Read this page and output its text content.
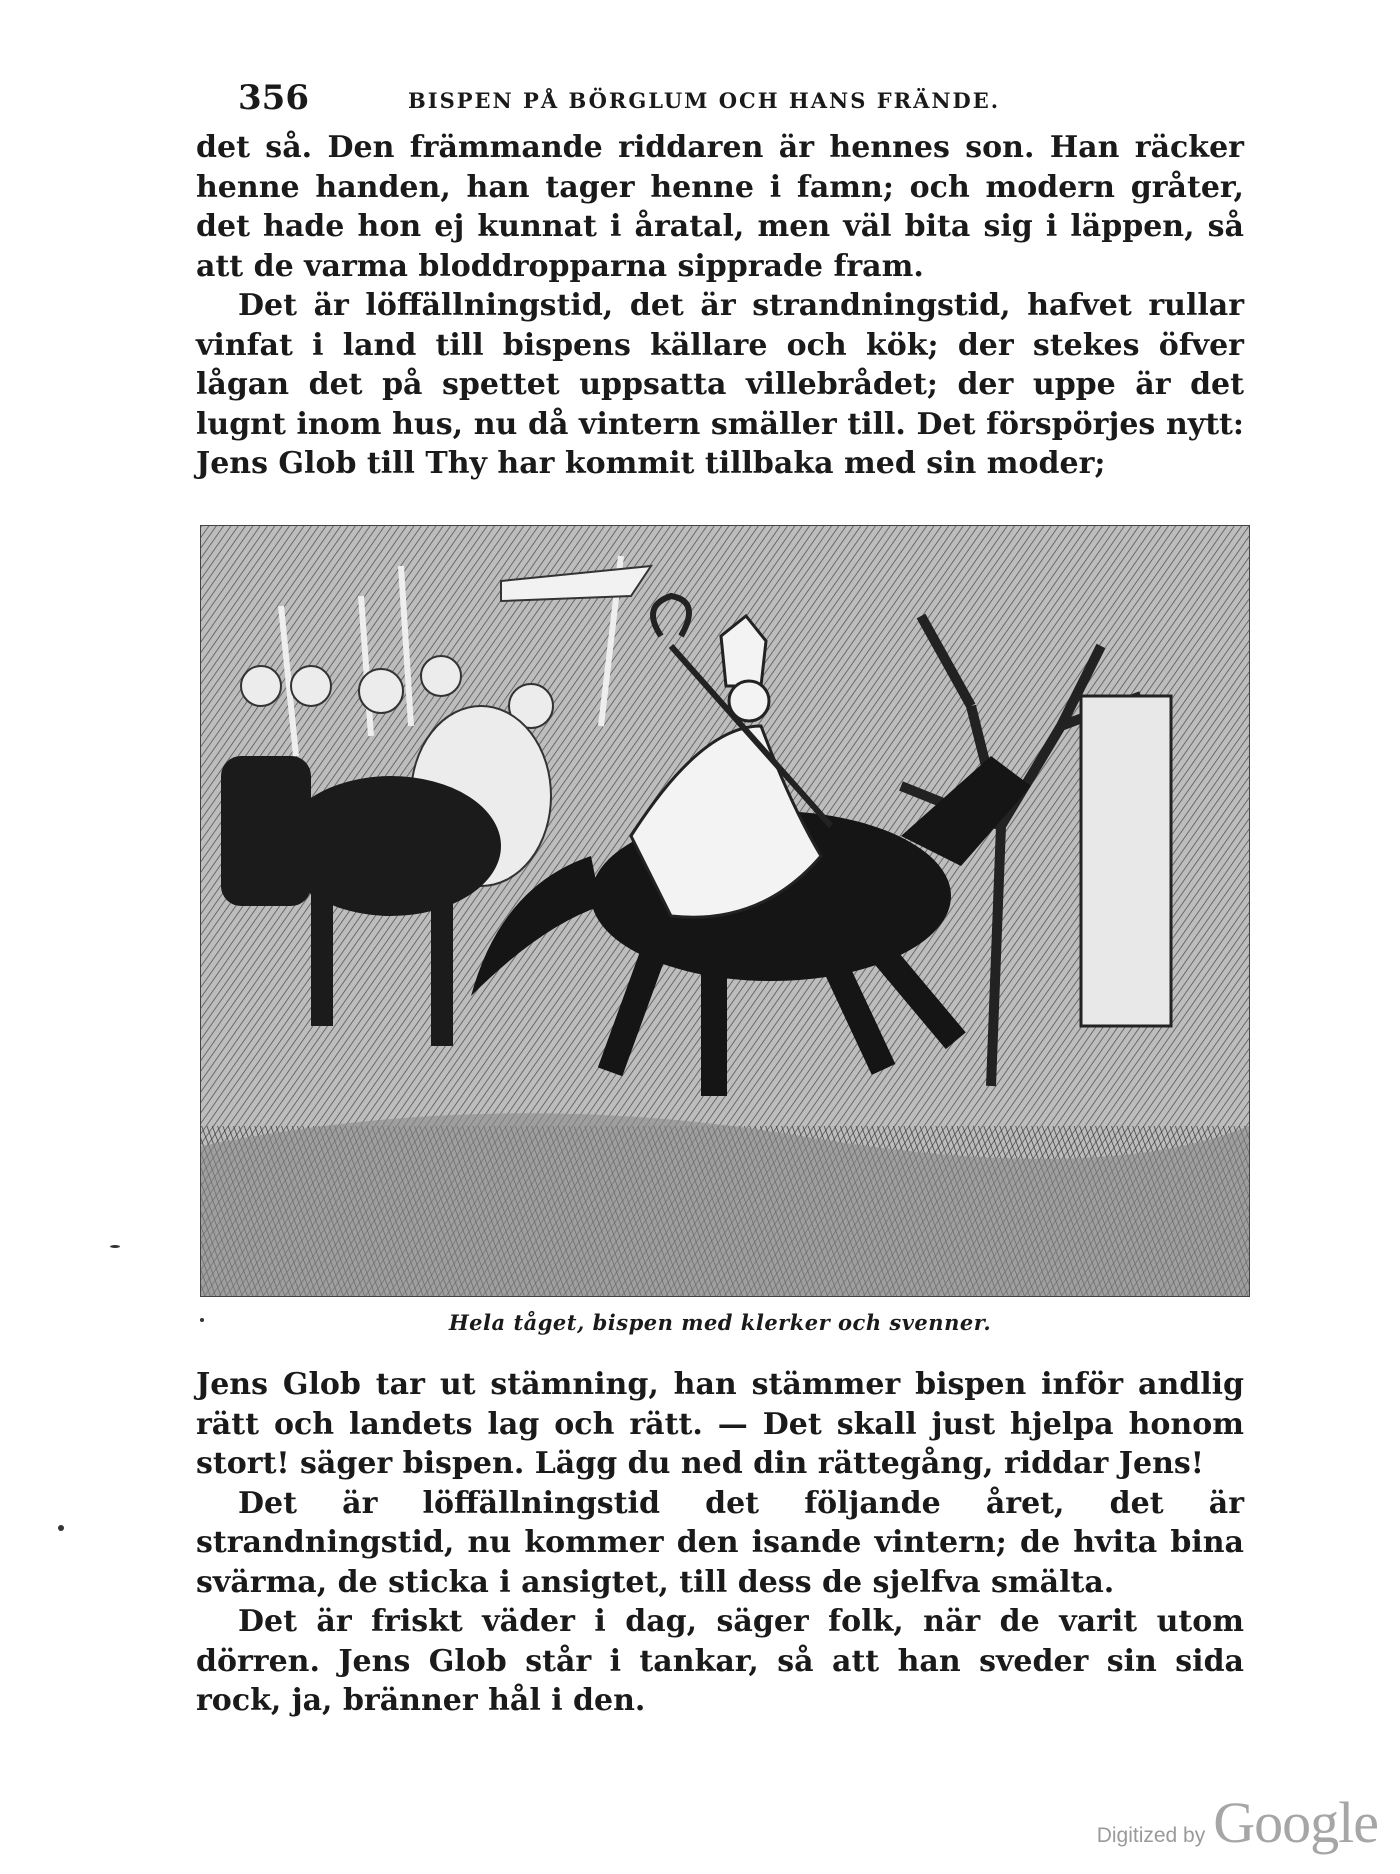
356	BISPEN PÅ BÖRGLUM OCH HANS FRÄNDE.

det så. Den främmande riddaren är hennes son. Han räcker henne handen, han tager henne i famn; och modern gråter, det hade hon ej kunnat i åratal, men väl bita sig i läppen, så att de varma bloddropparna sipprade fram.

Det är löffällningstid, det är strandningstid, hafvet rullar vinfat i land till bispens källare och kök; der stekes öfver lågan det på spettet uppsatta villebrådet; der uppe är det lugnt inom hus, nu då vintern smäller till. Det förspörjes nytt: Jens Glob till Thy har kommit tillbaka med sin moder;

Hela tåget, bispen med klerker och svenner.

Jens Glob tar ut stämning, han stämmer bispen inför andlig rätt och landets lag och rätt. — Det skall just hjelpa honom stort! säger bispen. Lägg du ned din rättegång, riddar Jens!

Det är löffällningstid det följande året, det är strandningstid, nu kommer den isande vintern; de hvita bina svärma, de sticka i ansigtet, till dess de sjelfva smälta.

Det är friskt väder i dag, säger folk, när de varit utom dörren. Jens Glob står i tankar, så att han sveder sin sida rock, ja, bränner hål i den.

Digitized by Google
